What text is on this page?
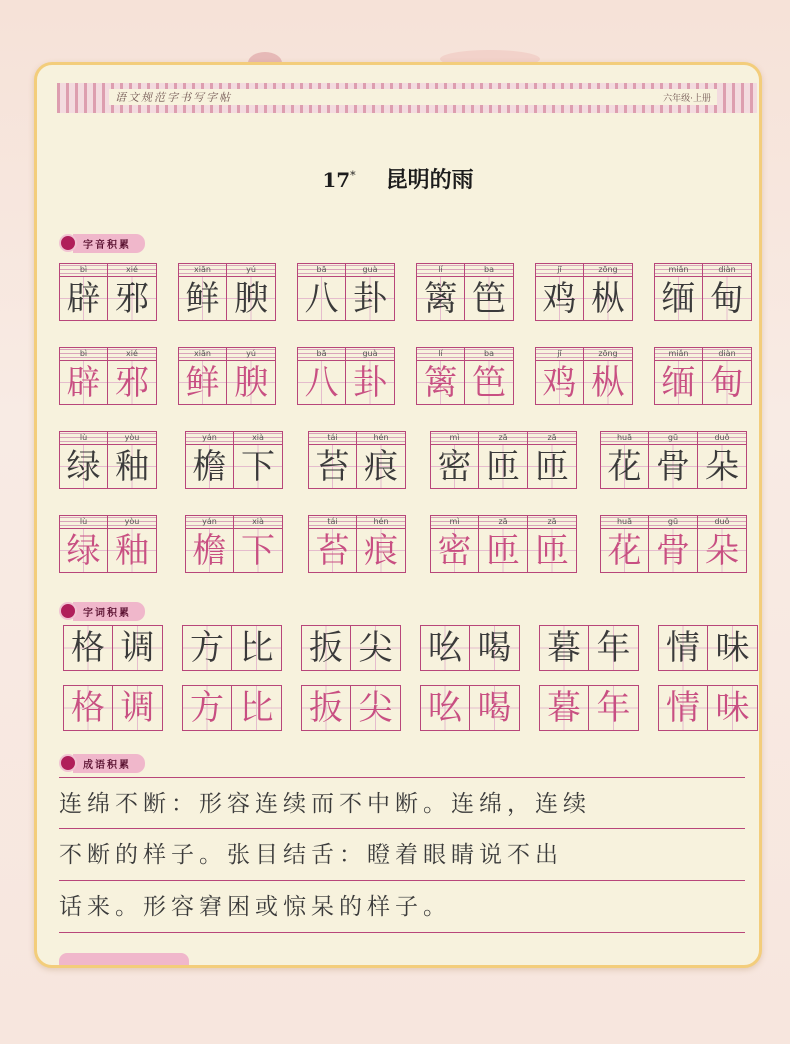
语文规范字书写字帖	六年级·上册
17* 昆明的雨
字音积累
bì	xié
辟 邪
xiān	yú
鲜 腴
bā	guà
八 卦
lí	ba
篱 笆
jī	zōng
鸡 枞
miǎn	diàn
缅 甸
bì	xié
辟 邪
xiān	yú
鲜 腴
bā	guà
八 卦
lí	ba
篱 笆
jī	zōng
鸡 枞
miǎn	diàn
缅 甸
lù	yòu
绿 釉
yán	xià
檐 下
tái	hén
苔 痕
mì	zā	zā
密 匝 匝
huā	gū	duǒ
花 骨 朵
lù	yòu
绿 釉
yán	xià
檐 下
tái	hén
苔 痕
mì	zā	zā
密 匝 匝
huā	gū	duǒ
花 骨 朵
字词积累
格 调 方 比 扳 尖 吆 喝 暮 年 情 味
格 调 方 比 扳 尖 吆 喝 暮 年 情 味
成语积累
连绵不断：形容连续而不中断。连绵，连续
不断的样子。张目结舌：瞪着眼睛说不出
话来。形容窘困或惊呆的样子。
